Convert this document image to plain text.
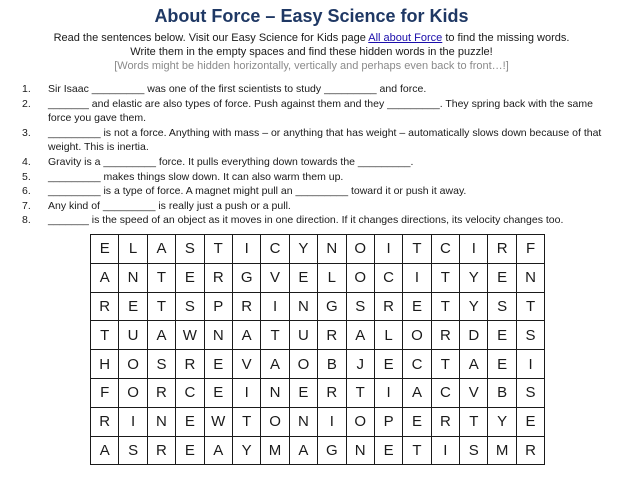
About Force – Easy Science for Kids
Read the sentences below. Visit our Easy Science for Kids page All about Force to find the missing words.
Write them in the empty spaces and find these hidden words in the puzzle!
[Words might be hidden horizontally, vertically and perhaps even back to front…!]
1.	Sir Isaac _________ was one of the first scientists to study _________ and force.
2.	_______ and elastic are also types of force. Push against them and they _________. They spring back with the same force you gave them.
3.	_________ is not a force. Anything with mass – or anything that has weight – automatically slows down because of that weight. This is inertia.
4.	Gravity is a _________ force. It pulls everything down towards the _________.
5.	_________ makes things slow down. It can also warm them up.
6.	_________ is a type of force. A magnet might pull an _________ toward it or push it away.
7.	Any kind of _________ is really just a push or a pull.
8.	_______ is the speed of an object as it moves in one direction. If it changes directions, its velocity changes too.
E	L	A	S	T	I	C	Y	N	O	I	T	C	I	R	F
A	N	T	E	R	G	V	E	L	O	C	I	T	Y	E	N
R	E	T	S	P	R	I	N	G	S	R	E	T	Y	S	T
T	U	A	W	N	A	T	U	R	A	L	O	R	D	E	S
H	O	S	R	E	V	A	O	B	J	E	C	T	A	E	I
F	O	R	C	E	I	N	E	R	T	I	A	C	V	B	S
R	I	N	E	W	T	O	N	I	O	P	E	R	T	Y	E
A	S	R	E	A	Y	M	A	G	N	E	T	I	S	M	R
